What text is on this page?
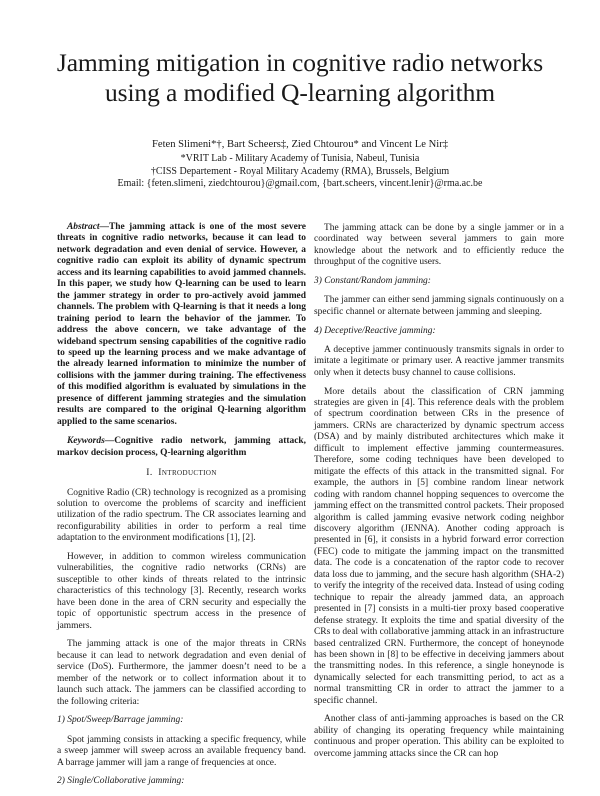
Jamming mitigation in cognitive radio networks
using a modified Q-learning algorithm
Feten Slimeni*†, Bart Scheers‡, Zied Chtourou* and Vincent Le Nir‡
*VRIT Lab - Military Academy of Tunisia, Nabeul, Tunisia
†CISS Departement - Royal Military Academy (RMA), Brussels, Belgium
Email: {feten.slimeni, ziedchtourou}@gmail.com, {bart.scheers, vincent.lenir}@rma.ac.be

Abstract—The jamming attack is one of the most severe threats in cognitive radio networks, because it can lead to network degradation and even denial of service. However, a cognitive radio can exploit its ability of dynamic spectrum access and its learning capabilities to avoid jammed channels. In this paper, we study how Q-learning can be used to learn the jammer strategy in order to pro-actively avoid jammed channels. The problem with Q-learning is that it needs a long training period to learn the behavior of the jammer. To address the above concern, we take advantage of the wideband spectrum sensing capabilities of the cognitive radio to speed up the learning process and we make advantage of the already learned information to minimize the number of collisions with the jammer during training. The effectiveness of this modified algorithm is evaluated by simulations in the presence of different jamming strategies and the simulation results are compared to the original Q-learning algorithm applied to the same scenarios.

Keywords—Cognitive radio network, jamming attack, markov decision process, Q-learning algorithm

I. Introduction

Cognitive Radio (CR) technology is recognized as a promising solution to overcome the problems of scarcity and inefficient utilization of the radio spectrum. The CR associates learning and reconfigurability abilities in order to perform a real time adaptation to the environment modifications [1], [2].

However, in addition to common wireless communication vulnerabilities, the cognitive radio networks (CRNs) are susceptible to other kinds of threats related to the intrinsic characteristics of this technology [3]. Recently, research works have been done in the area of CRN security and especially the topic of opportunistic spectrum access in the presence of jammers.

The jamming attack is one of the major threats in CRNs because it can lead to network degradation and even denial of service (DoS). Furthermore, the jammer doesn’t need to be a member of the network or to collect information about it to launch such attack. The jammers can be classified according to the following criteria:

1) Spot/Sweep/Barrage jamming:

Spot jamming consists in attacking a specific frequency, while a sweep jammer will sweep across an available frequency band. A barrage jammer will jam a range of frequencies at once.

2) Single/Collaborative jamming:

The jamming attack can be done by a single jammer or in a coordinated way between several jammers to gain more knowledge about the network and to efficiently reduce the throughput of the cognitive users.

3) Constant/Random jamming:

The jammer can either send jamming signals continuously on a specific channel or alternate between jamming and sleeping.

4) Deceptive/Reactive jamming:

A deceptive jammer continuously transmits signals in order to imitate a legitimate or primary user. A reactive jammer transmits only when it detects busy channel to cause collisions.

More details about the classification of CRN jamming strategies are given in [4]. This reference deals with the problem of spectrum coordination between CRs in the presence of jammers. CRNs are characterized by dynamic spectrum access (DSA) and by mainly distributed architectures which make it difficult to implement effective jamming countermeasures. Therefore, some coding techniques have been developed to mitigate the effects of this attack in the transmitted signal. For example, the authors in [5] combine random linear network coding with random channel hopping sequences to overcome the jamming effect on the transmitted control packets. Their proposed algorithm is called jamming evasive network coding neighbor discovery algorithm (JENNA). Another coding approach is presented in [6], it consists in a hybrid forward error correction (FEC) code to mitigate the jamming impact on the transmitted data. The code is a concatenation of the raptor code to recover data loss due to jamming, and the secure hash algorithm (SHA-2) to verify the integrity of the received data. Instead of using coding technique to repair the already jammed data, an approach presented in [7] consists in a multi-tier proxy based cooperative defense strategy. It exploits the time and spatial diversity of the CRs to deal with collaborative jamming attack in an infrastructure based centralized CRN. Furthermore, the concept of honeynode has been shown in [8] to be effective in deceiving jammers about the transmitting nodes. In this reference, a single honeynode is dynamically selected for each transmitting period, to act as a normal transmitting CR in order to attract the jammer to a specific channel.

Another class of anti-jamming approaches is based on the CR ability of changing its operating frequency while maintaining continuous and proper operation. This ability can be exploited to overcome jamming attacks since the CR can hop
